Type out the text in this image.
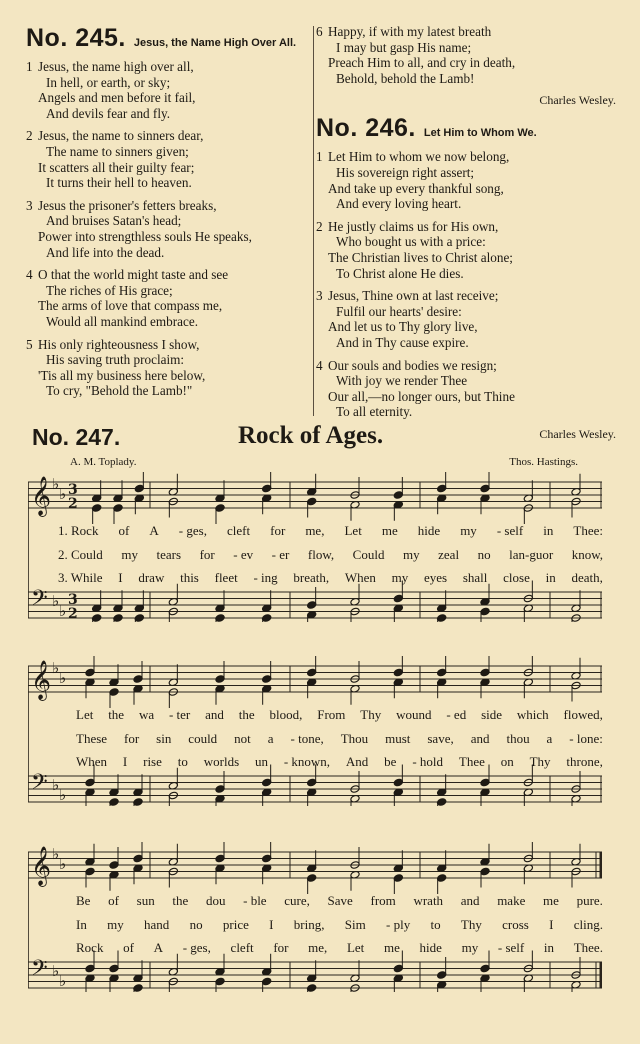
No. 245. Jesus, the Name High Over All.
1 Jesus, the name high over all,
In hell, or earth, or sky;
Angels and men before it fail,
And devils fear and fly.
2 Jesus, the name to sinners dear,
The name to sinners given;
It scatters all their guilty fear;
It turns their hell to heaven.
3 Jesus the prisoner's fetters breaks,
And bruises Satan's head;
Power into strengthless souls He speaks,
And life into the dead.
4 O that the world might taste and see
The riches of His grace;
The arms of love that compass me,
Would all mankind embrace.
5 His only righteousness I show,
His saving truth proclaim:
'Tis all my business here below,
To cry, "Behold the Lamb!"
6 Happy, if with my latest breath
I may but gasp His name;
Preach Him to all, and cry in death,
Behold, behold the Lamb!
Charles Wesley.
No. 246. Let Him to Whom We.
1 Let Him to whom we now belong,
His sovereign right assert;
And take up every thankful song,
And every loving heart.
2 He justly claims us for His own,
Who bought us with a price:
The Christian lives to Christ alone;
To Christ alone He dies.
3 Jesus, Thine own at last receive;
Fulfil our hearts' desire:
And let us to Thy glory live,
And in Thy cause expire.
4 Our souls and bodies we resign;
With joy we render Thee
Our all,—no longer ours, but Thine
To all eternity.
Charles Wesley.
No. 247.	Rock of Ages.
A. M. Toplady.	Thos. Hastings.
𝄞 ♭
♭ 3
2
𝄢 ♭
♭
3
2
1. Rock of A - ges, cleft for me, Let me hide my - self in Thee:
2. Could my tears for - ev - er flow, Could my zeal no lan-guor know,
3. While I draw this fleet - ing breath, When my eyes shall close in death,
𝄞 ♭
♭
𝄢 ♭
♭
Let the wa - ter and the blood, From Thy wound - ed side which flowed,
These for sin could not a - tone, Thou must save, and thou a - lone:
When I rise to worlds un - known, And be - hold Thee on Thy throne,
𝄞 ♭
♭
𝄢 ♭
♭
Be of sun the dou - ble cure, Save from wrath and make me pure.
In my hand no price I bring, Sim - ply to Thy cross I cling.
Rock of A - ges, cleft for me, Let me hide my - self in Thee.
